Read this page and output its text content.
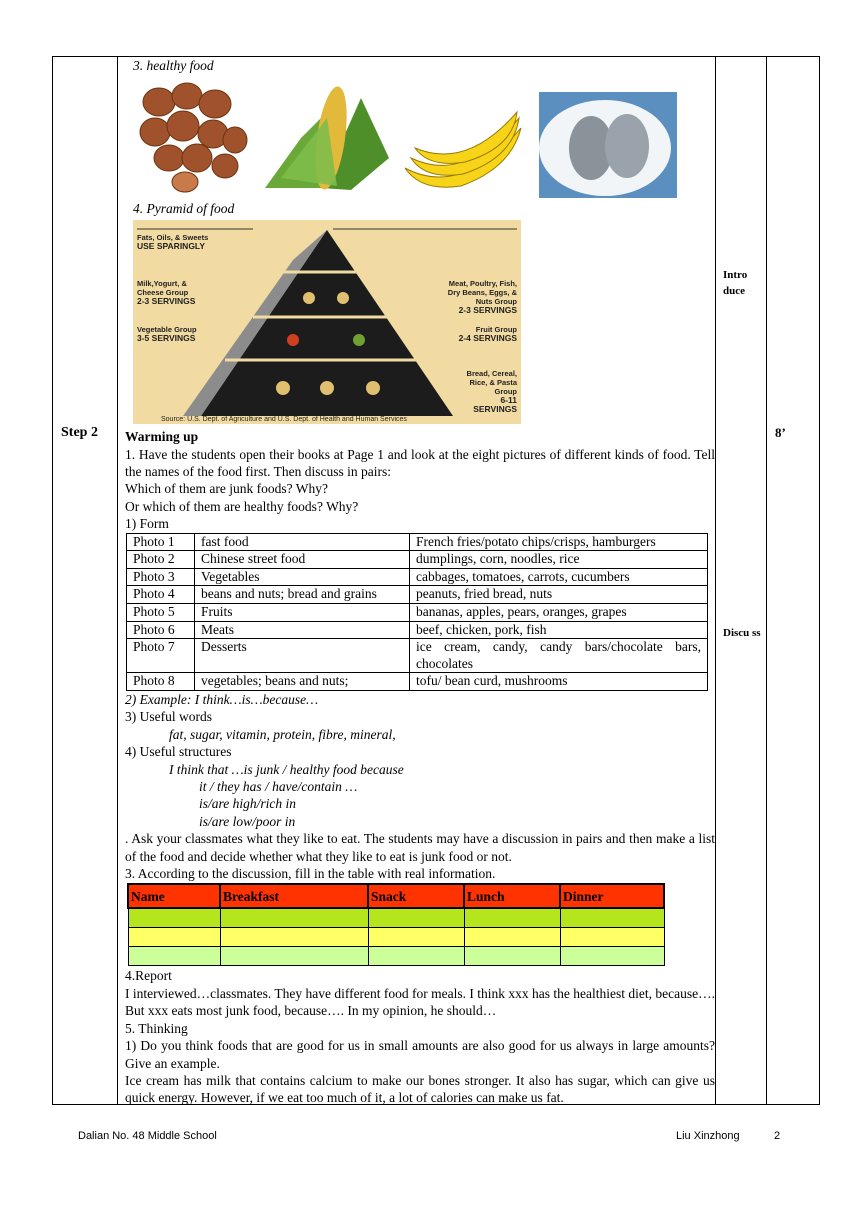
Step 2	8’
Intro duce
Discu ss
3. healthy food
4. Pyramid of food
Fats, Oils, & Sweets
USE SPARINGLY
Milk,Yogurt, &
Cheese Group
2-3 SERVINGS
Meat, Poultry, Fish,
Dry Beans, Eggs, &
Nuts Group
2-3 SERVINGS
Vegetable Group
3-5 SERVINGS
Fruit Group
2-4 SERVINGS
Bread, Cereal,
Rice, & Pasta
Group
6-11
SERVINGS
Source: U.S. Dept. of Agriculture and U.S. Dept. of Health and Human Services
Warming up
1. Have the students open their books at Page 1 and look at the eight pictures of different kinds of food. Tell the names of the food first. Then discuss in pairs:
Which of them are junk foods? Why?
Or which of them are healthy foods? Why?
1) Form
Photo 1	fast food	French fries/potato chips/crisps, hamburgers
Photo 2	Chinese street food	dumplings, corn, noodles, rice
Photo 3	Vegetables	cabbages, tomatoes, carrots, cucumbers
Photo 4	beans and nuts; bread and grains	peanuts, fried bread, nuts
Photo 5	Fruits	bananas, apples, pears, oranges, grapes
Photo 6	Meats	beef, chicken, pork, fish
Photo 7	Desserts	ice cream, candy, candy bars/chocolate bars, chocolates
Photo 8	vegetables; beans and nuts;	tofu/ bean curd, mushrooms
2) Example: I think…is…because…
3) Useful words
fat, sugar, vitamin, protein, fibre, mineral,
4) Useful structures
I think that …is junk / healthy food because
it / they has / have/contain …
is/are high/rich in
is/are low/poor in
. Ask your classmates what they like to eat. The students may have a discussion in pairs and then make a list of the food and decide whether what they like to eat is junk food or not.
3. According to the discussion, fill in the table with real information.
Name	Breakfast	Snack	Lunch	Dinner

4.Report
I interviewed…classmates. They have different food for meals. I think xxx has the healthiest diet, because…. But xxx eats most junk food, because…. In my opinion, he should…
5. Thinking
1) Do you think foods that are good for us in small amounts are also good for us always in large amounts? Give an example.
Ice cream has milk that contains calcium to make our bones stronger. It also has sugar, which can give us quick energy. However, if we eat too much of it, a lot of calories can make us fat.
Dalian No. 48 Middle School	Liu Xinzhong	2
